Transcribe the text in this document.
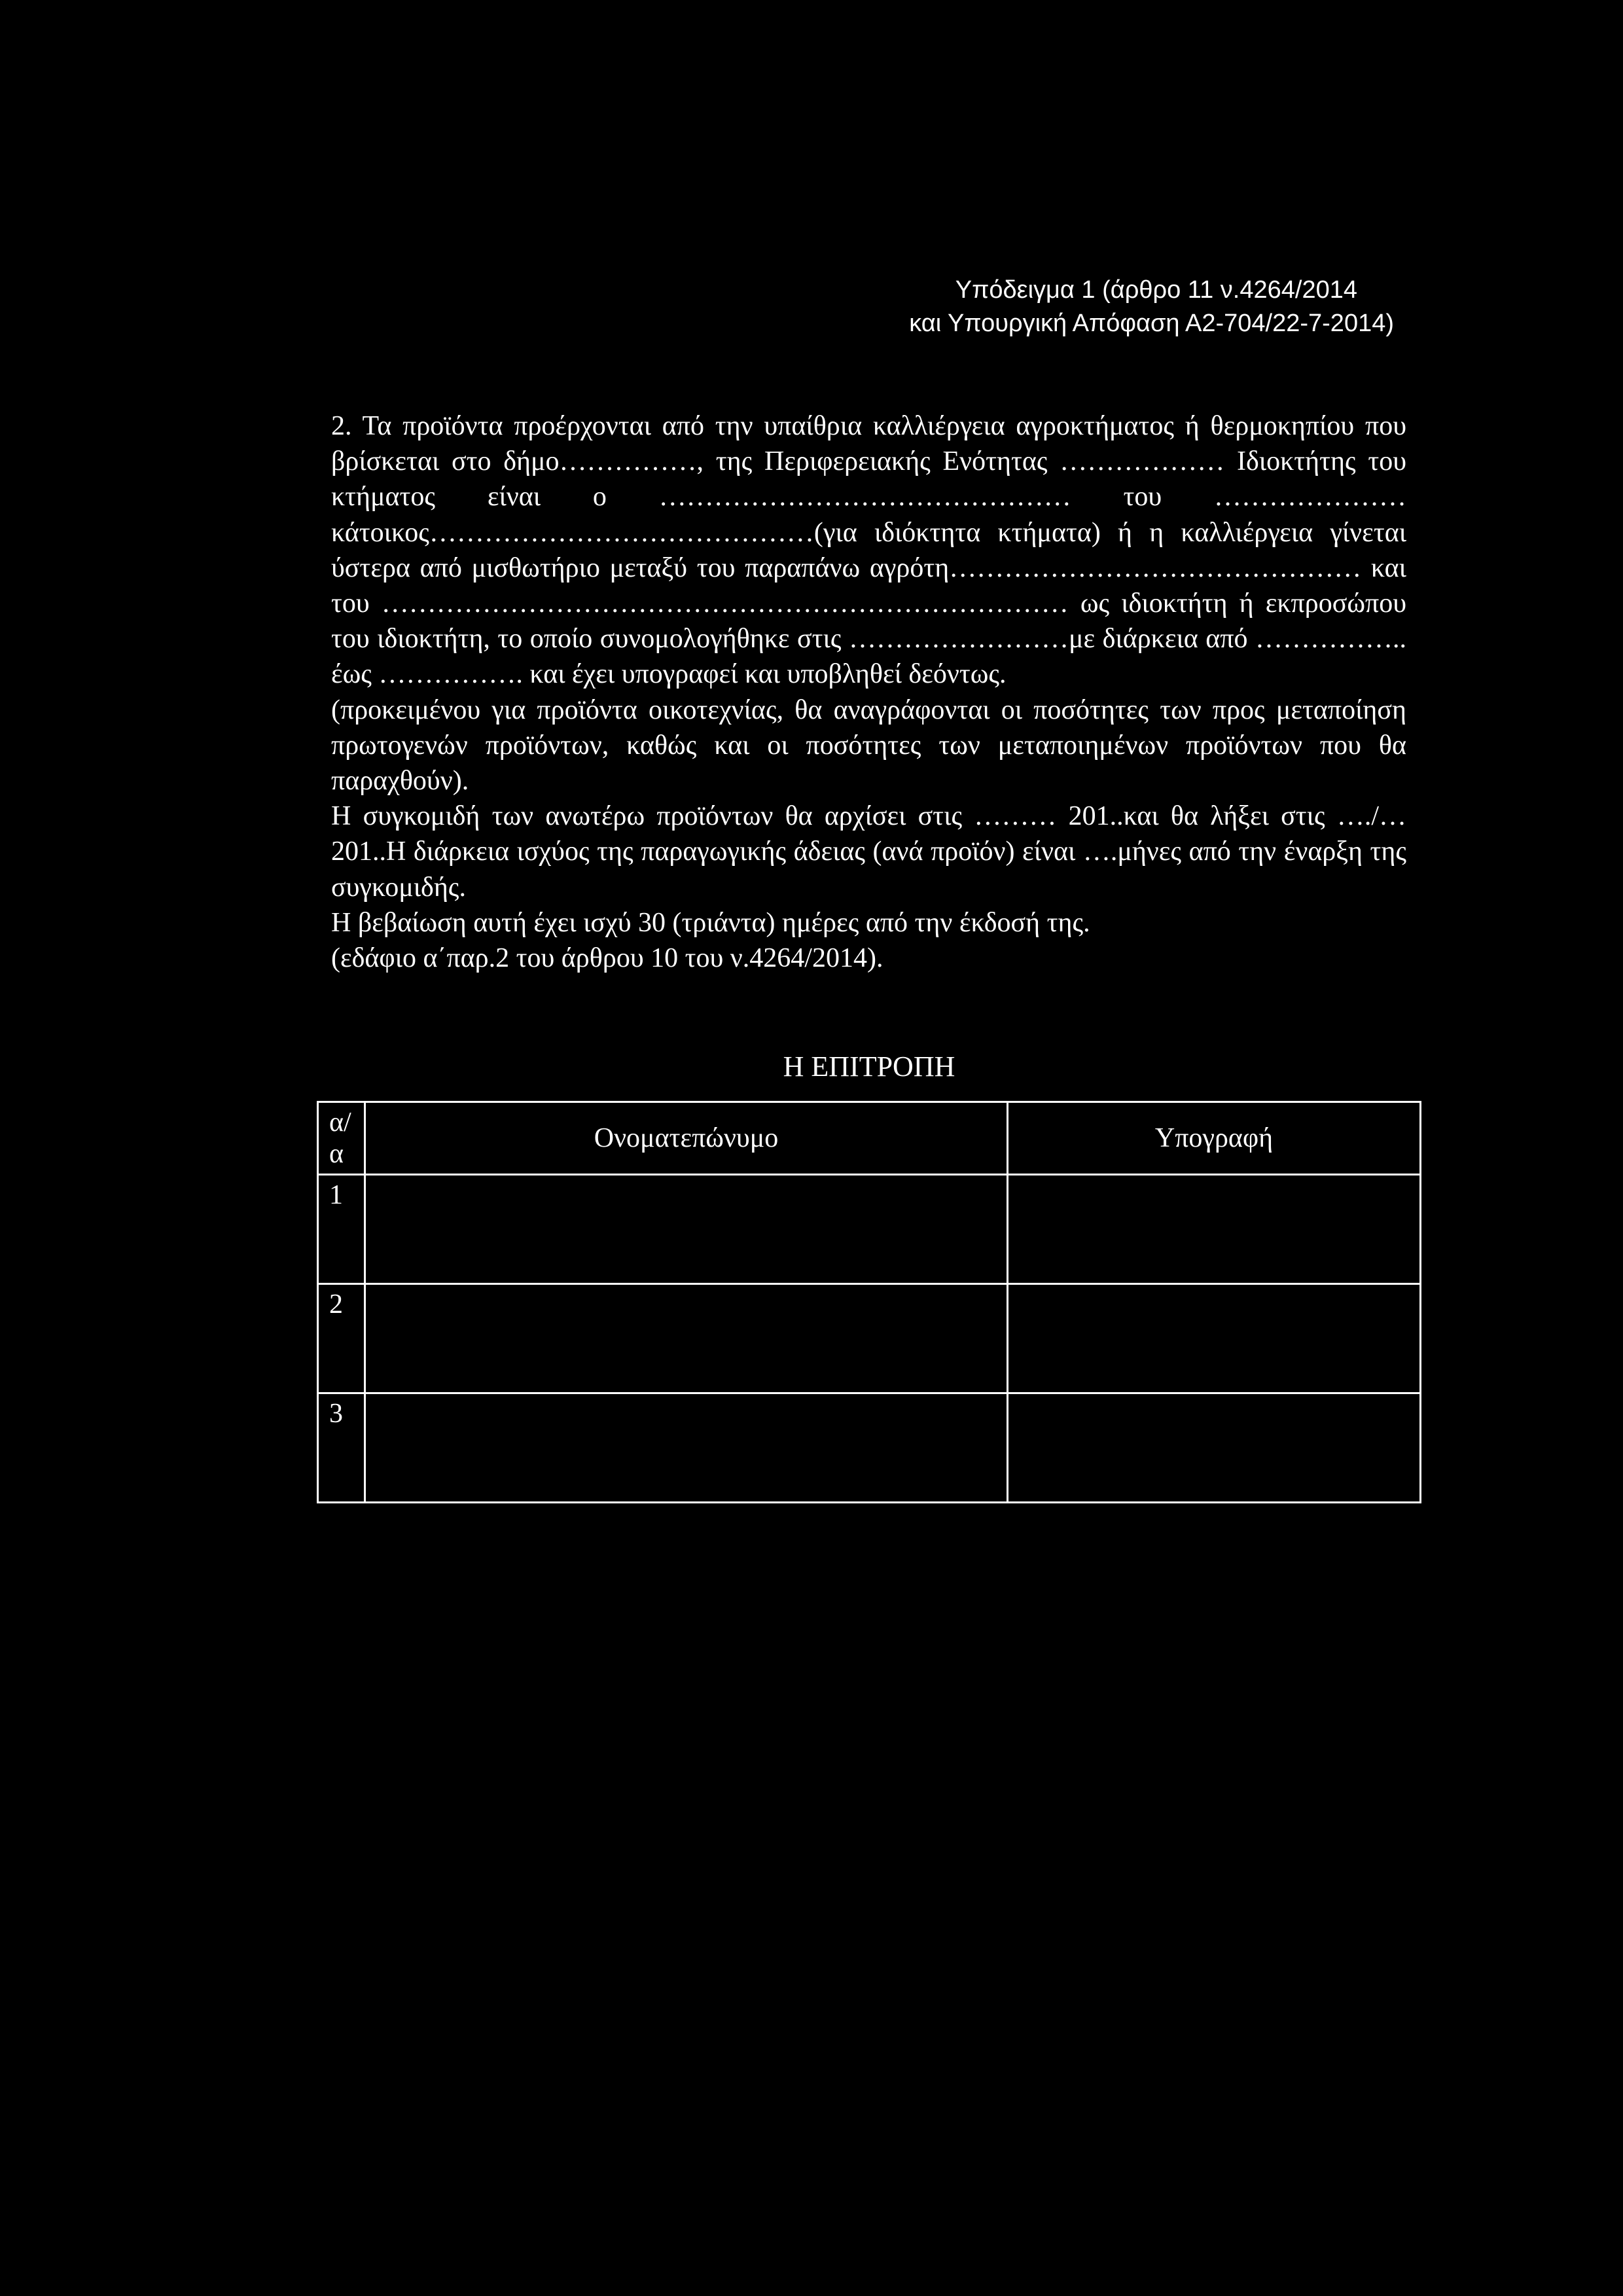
Υπόδειγμα 1 (άρθρο 11 ν.4264/2014
και Υπουργική Απόφαση Α2-704/22-7-2014)

2. Τα προϊόντα προέρχονται από την υπαίθρια καλλιέργεια αγροκτήματος ή θερμοκηπίου που βρίσκεται στο δήμο……………, της Περιφερειακής Ενότητας ……………… Ιδιοκτήτης του κτήματος είναι ο ……………………………………… του …………………κάτοικος……………………………………(για ιδιόκτητα κτήματα) ή η καλλιέργεια γίνεται ύστερα από μισθωτήριο μεταξύ του παραπάνω αγρότη……………………………………… και του ………………………………………………………………… ως ιδιοκτήτη ή εκπροσώπου του ιδιοκτήτη, το οποίο συνομολογήθηκε στις ……………………με διάρκεια από …………….. έως ……………. και έχει υπογραφεί και υποβληθεί δεόντως.

(προκειμένου για προϊόντα οικοτεχνίας, θα αναγράφονται οι ποσότητες των προς μεταποίηση πρωτογενών προϊόντων, καθώς και οι ποσότητες των μεταποιημένων προϊόντων που θα παραχθούν).

Η συγκομιδή των ανωτέρω προϊόντων θα αρχίσει στις ……… 201..και θα λήξει στις …./… 201..Η διάρκεια ισχύος της παραγωγικής άδειας (ανά προϊόν) είναι ….μήνες από την έναρξη της συγκομιδής.

Η βεβαίωση αυτή έχει ισχύ 30 (τριάντα) ημέρες από την έκδοσή της.

(εδάφιο α΄παρ.2 του άρθρου 10 του ν.4264/2014).

Η ΕΠΙΤΡΟΠΗ
α/α	Ονοματεπώνυμο	Υπογραφή
1		
2		
3		
